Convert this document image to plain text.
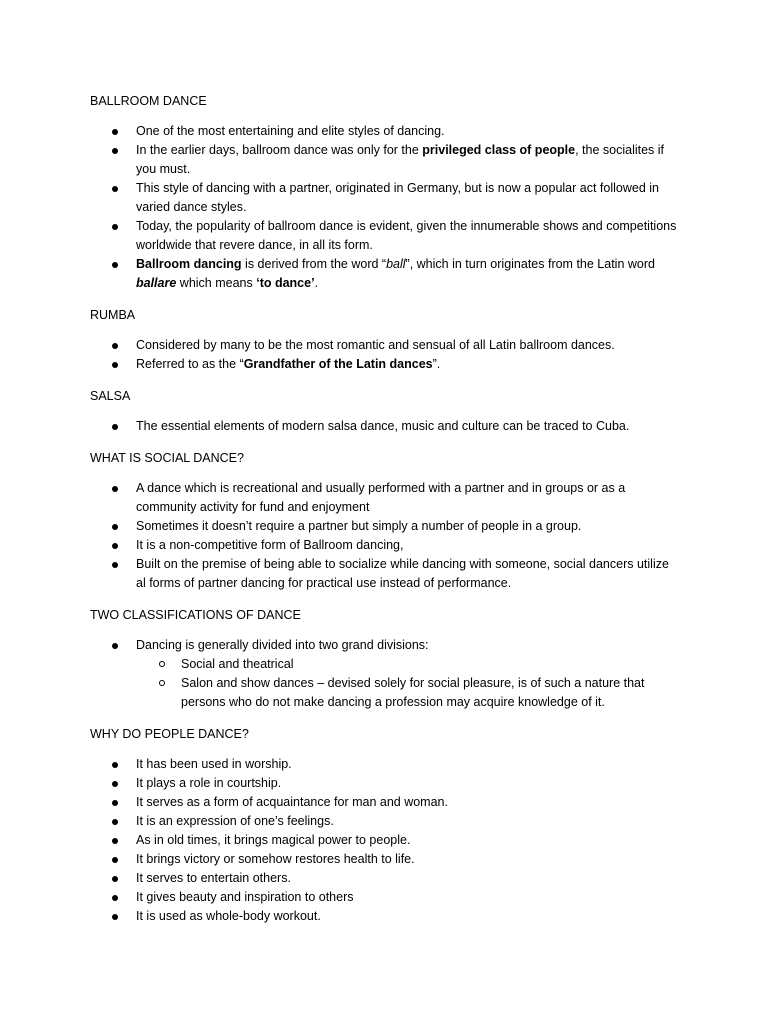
BALLROOM DANCE

One of the most entertaining and elite styles of dancing.
In the earlier days, ballroom dance was only for the privileged class of people, the socialites if you must.
This style of dancing with a partner, originated in Germany, but is now a popular act followed in varied dance styles.
Today, the popularity of ballroom dance is evident, given the innumerable shows and competitions worldwide that revere dance, in all its form.
Ballroom dancing is derived from the word “ball”, which in turn originates from the Latin word ballare which means ‘to dance’.

RUMBA

Considered by many to be the most romantic and sensual of all Latin ballroom dances.
Referred to as the “Grandfather of the Latin dances”.

SALSA

The essential elements of modern salsa dance, music and culture can be traced to Cuba.

WHAT IS SOCIAL DANCE?

A dance which is recreational and usually performed with a partner and in groups or as a community activity for fund and enjoyment
Sometimes it doesn’t require a partner but simply a number of people in a group.
It is a non-competitive form of Ballroom dancing,
Built on the premise of being able to socialize while dancing with someone, social dancers utilize al forms of partner dancing for practical use instead of performance.

TWO CLASSIFICATIONS OF DANCE

Dancing is generally divided into two grand divisions:
Social and theatrical
Salon and show dances – devised solely for social pleasure, is of such a nature that persons who do not make dancing a profession may acquire knowledge of it.

WHY DO PEOPLE DANCE?

It has been used in worship.
It plays a role in courtship.
It serves as a form of acquaintance for man and woman.
It is an expression of one’s feelings.
As in old times, it brings magical power to people.
It brings victory or somehow restores health to life.
It serves to entertain others.
It gives beauty and inspiration to others
It is used as whole-body workout.
